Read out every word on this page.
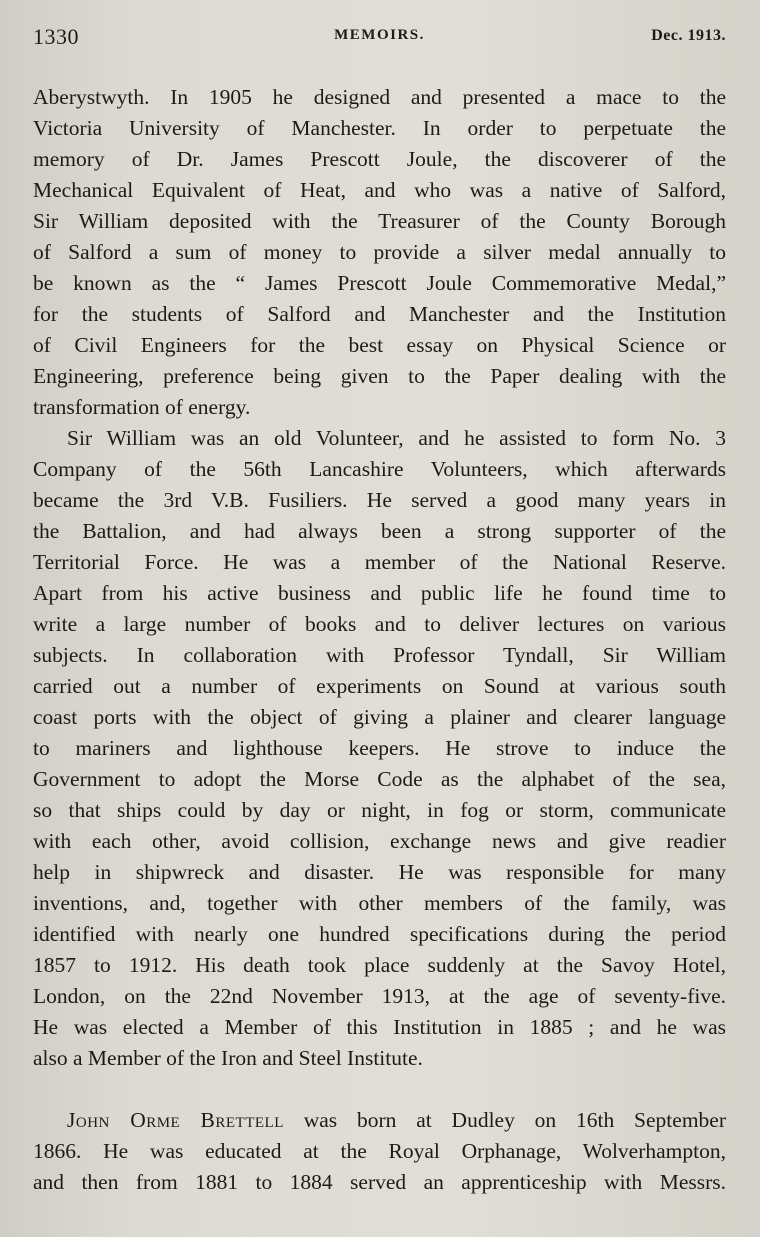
1330	MEMOIRS.	Dec. 1913.
Aberystwyth. In 1905 he designed and presented a mace to the
Victoria University of Manchester. In order to perpetuate the
memory of Dr. James Prescott Joule, the discoverer of the
Mechanical Equivalent of Heat, and who was a native of Salford,
Sir William deposited with the Treasurer of the County Borough
of Salford a sum of money to provide a silver medal annually to
be known as the “ James Prescott Joule Commemorative Medal,”
for the students of Salford and Manchester and the Institution
of Civil Engineers for the best essay on Physical Science or
Engineering, preference being given to the Paper dealing with the
transformation of energy.
Sir William was an old Volunteer, and he assisted to form No. 3
Company of the 56th Lancashire Volunteers, which afterwards
became the 3rd V.B. Fusiliers. He served a good many years in
the Battalion, and had always been a strong supporter of the
Territorial Force. He was a member of the National Reserve.
Apart from his active business and public life he found time to
write a large number of books and to deliver lectures on various
subjects. In collaboration with Professor Tyndall, Sir William
carried out a number of experiments on Sound at various south
coast ports with the object of giving a plainer and clearer language
to mariners and lighthouse keepers. He strove to induce the
Government to adopt the Morse Code as the alphabet of the sea,
so that ships could by day or night, in fog or storm, communicate
with each other, avoid collision, exchange news and give readier
help in shipwreck and disaster. He was responsible for many
inventions, and, together with other members of the family, was
identified with nearly one hundred specifications during the period
1857 to 1912. His death took place suddenly at the Savoy Hotel,
London, on the 22nd November 1913, at the age of seventy-five.
He was elected a Member of this Institution in 1885 ; and he was
also a Member of the Iron and Steel Institute.
John Orme Brettell was born at Dudley on 16th September
1866. He was educated at the Royal Orphanage, Wolverhampton,
and then from 1881 to 1884 served an apprenticeship with Messrs.
